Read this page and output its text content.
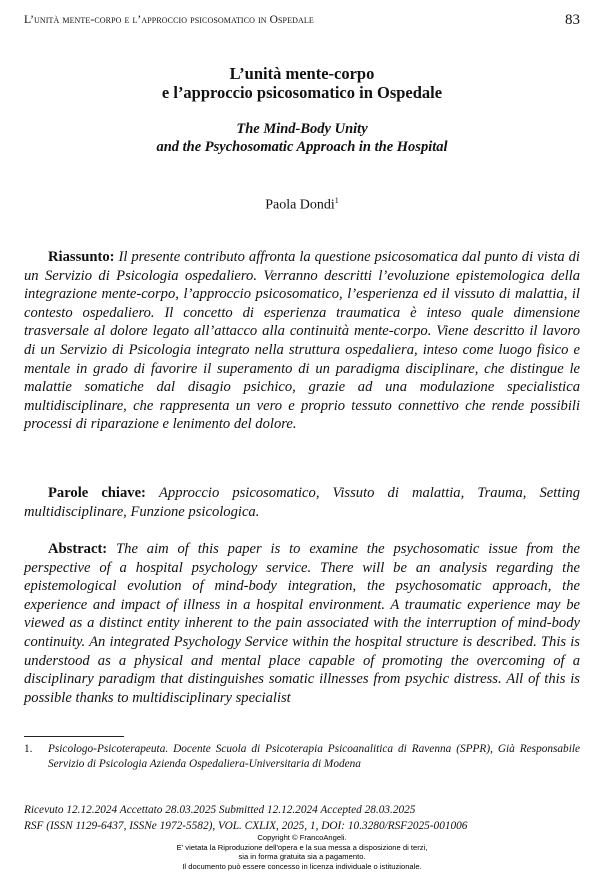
L’unità mente-corpo e l’approccio psicosomatico in Ospedale	83
L’unità mente-corpo
e l’approccio psicosomatico in Ospedale
The Mind-Body Unity
and the Psychosomatic Approach in the Hospital
Paola Dondi$^1$
Riassunto: Il presente contributo affronta la questione psicosomatica dal punto di vista di un Servizio di Psicologia ospedaliero. Verranno descritti l’evoluzione epistemologica della integrazione mente-corpo, l’approccio psicosomatico, l’esperienza ed il vissuto di malattia, il contesto ospedaliero. Il concetto di esperienza traumatica è inteso quale dimensione trasversale al dolore legato all’attacco alla continuità mente-corpo. Viene descritto il lavoro di un Servizio di Psicologia integrato nella struttura ospedaliera, inteso come luogo fisico e mentale in grado di favorire il superamento di un paradigma disciplinare, che distingue le malattie somatiche dal disagio psichico, grazie ad una modulazione specialistica multidisciplinare, che rappresenta un vero e proprio tessuto connettivo che rende possibili processi di riparazione e lenimento del dolore.
Parole chiave: Approccio psicosomatico, Vissuto di malattia, Trauma, Setting multidisciplinare, Funzione psicologica.
Abstract: The aim of this paper is to examine the psychosomatic issue from the perspective of a hospital psychology service. There will be an analysis regarding the epistemological evolution of mind-body integration, the psychosomatic approach, the experience and impact of illness in a hospital environment. A traumatic experience may be viewed as a distinct entity inherent to the pain associated with the interruption of mind-body continuity. An integrated Psychology Service within the hospital structure is described. This is understood as a physical and mental place capable of promoting the overcoming of a disciplinary paradigm that distinguishes somatic illnesses from psychic distress. All of this is possible thanks to multidisciplinary specialist
1. Psicologo-Psicoterapeuta. Docente Scuola di Psicoterapia Psicoanalitica di Ravenna (SPPR), Già Responsabile Servizio di Psicologia Azienda Ospedaliera-Universitaria di Modena
Ricevuto 12.12.2024 Accettato 28.03.2025 Submitted 12.12.2024 Accepted 28.03.2025
RSF (ISSN 1129-6437, ISSNe 1972-5582), VOL. CXLIX, 2025, 1, DOI: 10.3280/RSF2025-001006
Copyright © FrancoAngeli.
E' vietata la Riproduzione dell'opera e la sua messa a disposizione di terzi,
sia in forma gratuita sia a pagamento.
Il documento può essere concesso in licenza individuale o istituzionale.
